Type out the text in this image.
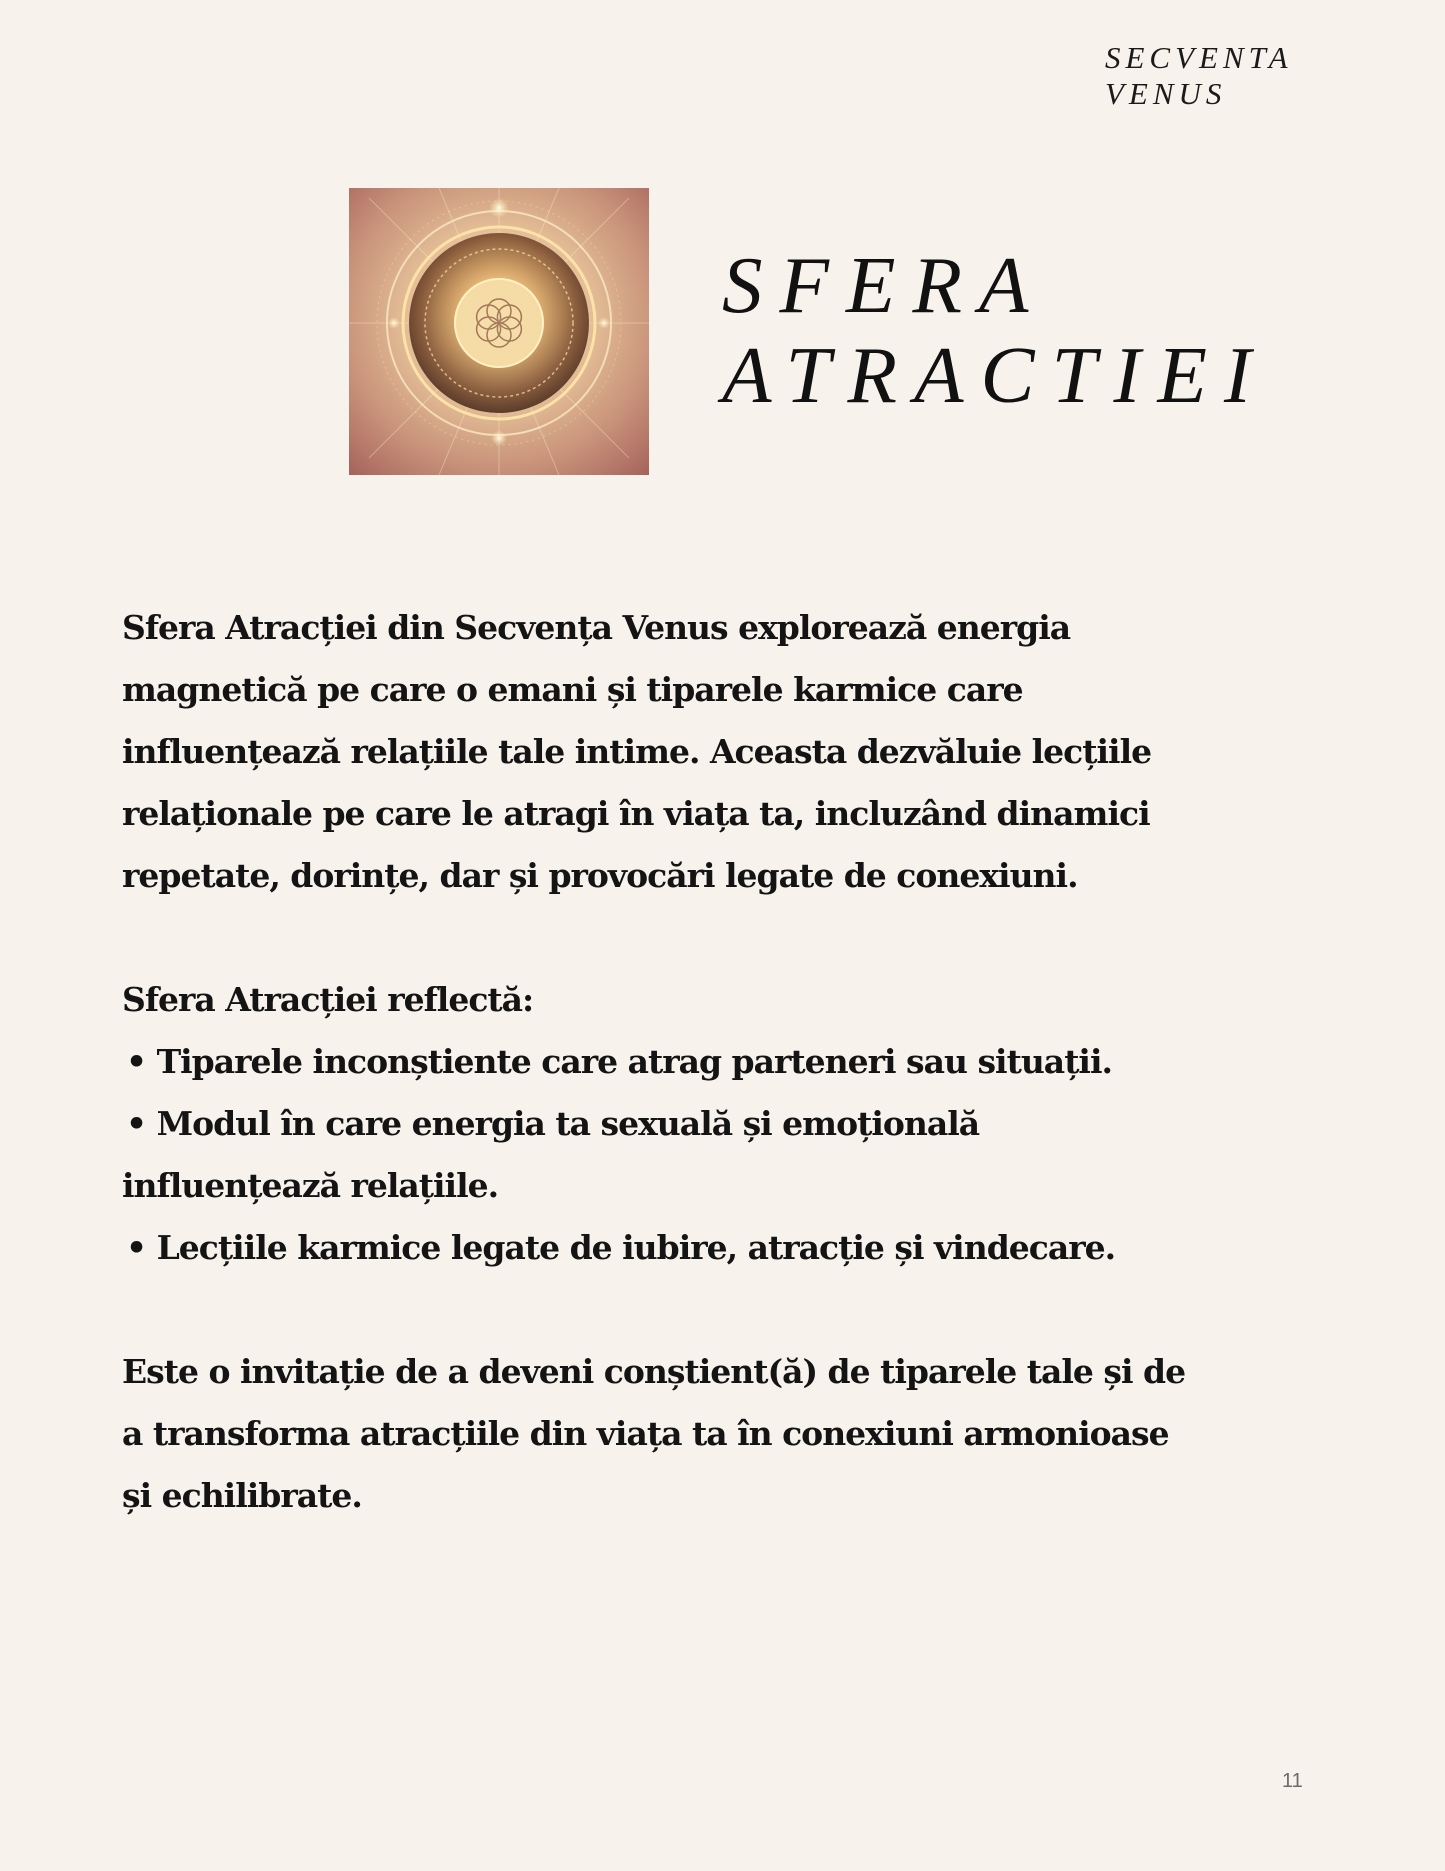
SECVENTA
VENUS
SFERA
ATRACTIEI
Sfera Atracției din Secvența Venus explorează energia
magnetică pe care o emani și tiparele karmice care
influențează relațiile tale intime. Aceasta dezvăluie lecțiile
relaționale pe care le atragi în viața ta, incluzând dinamici
repetate, dorințe, dar și provocări legate de conexiuni.
Sfera Atracției reflectă:
• Tiparele inconștiente care atrag parteneri sau situații.
• Modul în care energia ta sexuală și emoțională
influențează relațiile.
• Lecțiile karmice legate de iubire, atracție și vindecare.
Este o invitație de a deveni conștient(ă) de tiparele tale și de
a transforma atracțiile din viața ta în conexiuni armonioase
și echilibrate.
11
